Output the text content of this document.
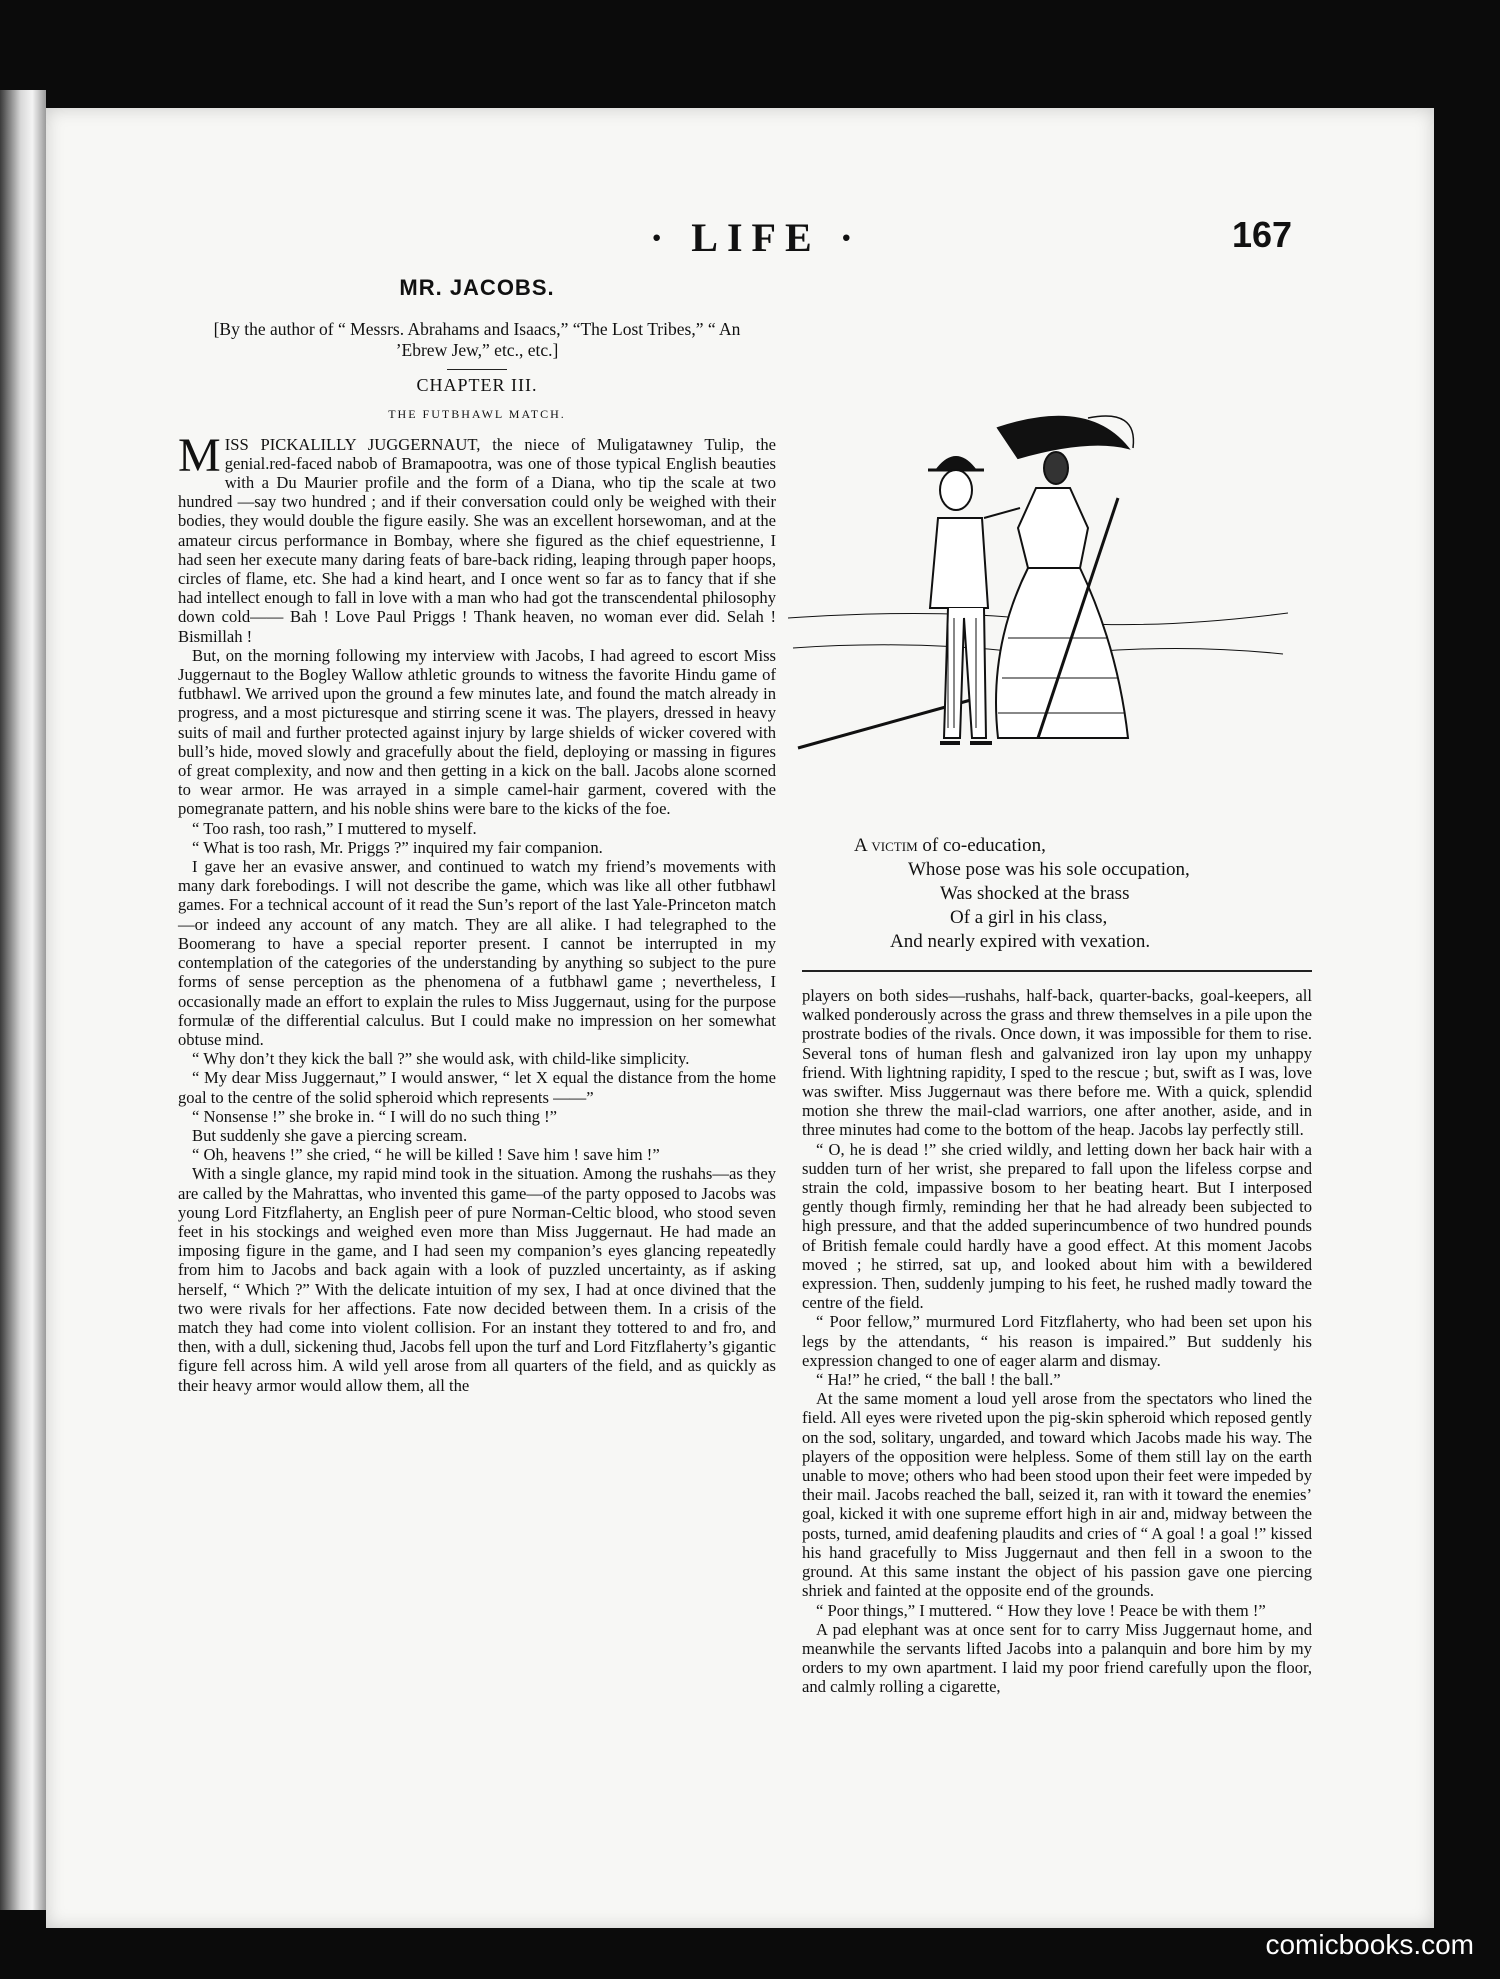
· LIFE ·	167
MR. JACOBS.
[By the author of “ Messrs. Abrahams and Isaacs,” “The Lost Tribes,” “ An ’Ebrew Jew,” etc., etc.]
CHAPTER III.
THE FUTBHAWL MATCH.

MISS PICKALILLY JUGGERNAUT, the niece of Muligatawney Tulip, the genial.red-faced nabob of Bramapootra, was one of those typical English beauties with a Du Maurier profile and the form of a Diana, who tip the scale at two hundred —say two hundred ; and if their conversation could only be weighed with their bodies, they would double the figure easily. She was an excellent horsewoman, and at the amateur circus performance in Bombay, where she figured as the chief equestrienne, I had seen her execute many daring feats of bare-back riding, leaping through paper hoops, circles of flame, etc. She had a kind heart, and I once went so far as to fancy that if she had intellect enough to fall in love with a man who had got the transcendental philosophy down cold—— Bah ! Love Paul Priggs ! Thank heaven, no woman ever did. Selah ! Bismillah !

But, on the morning following my interview with Jacobs, I had agreed to escort Miss Juggernaut to the Bogley Wallow athletic grounds to witness the favorite Hindu game of futbhawl. We arrived upon the ground a few minutes late, and found the match already in progress, and a most picturesque and stirring scene it was. The players, dressed in heavy suits of mail and further protected against injury by large shields of wicker covered with bull’s hide, moved slowly and gracefully about the field, deploying or massing in figures of great complexity, and now and then getting in a kick on the ball. Jacobs alone scorned to wear armor. He was arrayed in a simple camel-hair garment, covered with the pomegranate pattern, and his noble shins were bare to the kicks of the foe.

“ Too rash, too rash,” I muttered to myself.

“ What is too rash, Mr. Priggs ?” inquired my fair companion.

I gave her an evasive answer, and continued to watch my friend’s movements with many dark forebodings. I will not describe the game, which was like all other futbhawl games. For a technical account of it read the Sun’s report of the last Yale-Princeton match—or indeed any account of any match. They are all alike. I had telegraphed to the Boomerang to have a special reporter present. I cannot be interrupted in my contemplation of the categories of the understanding by anything so subject to the pure forms of sense perception as the phenomena of a futbhawl game ; nevertheless, I occasionally made an effort to explain the rules to Miss Juggernaut, using for the purpose formulæ of the differential calculus. But I could make no impression on her somewhat obtuse mind.

“ Why don’t they kick the ball ?” she would ask, with child-like simplicity.

“ My dear Miss Juggernaut,” I would answer, “ let X equal the distance from the home goal to the centre of the solid spheroid which represents ——”

“ Nonsense !” she broke in. “ I will do no such thing !”

But suddenly she gave a piercing scream.

“ Oh, heavens !” she cried, “ he will be killed ! Save him ! save him !”

With a single glance, my rapid mind took in the situation. Among the rushahs—as they are called by the Mahrattas, who invented this game—of the party opposed to Jacobs was young Lord Fitzflaherty, an English peer of pure Norman-Celtic blood, who stood seven feet in his stockings and weighed even more than Miss Juggernaut. He had made an imposing figure in the game, and I had seen my companion’s eyes glancing repeatedly from him to Jacobs and back again with a look of puzzled uncertainty, as if asking herself, “ Which ?” With the delicate intuition of my sex, I had at once divined that the two were rivals for her affections. Fate now decided between them. In a crisis of the match they had come into violent collision. For an instant they tottered to and fro, and then, with a dull, sickening thud, Jacobs fell upon the turf and Lord Fitzflaherty’s gigantic figure fell across him. A wild yell arose from all quarters of the field, and as quickly as their heavy armor would allow them, all the

A victim of co-education,
Whose pose was his sole occupation,
Was shocked at the brass
Of a girl in his class,
And nearly expired with vexation.

players on both sides—rushahs, half-back, quarter-backs, goal-keepers, all walked ponderously across the grass and threw themselves in a pile upon the prostrate bodies of the rivals. Once down, it was impossible for them to rise. Several tons of human flesh and galvanized iron lay upon my unhappy friend. With lightning rapidity, I sped to the rescue ; but, swift as I was, love was swifter. Miss Juggernaut was there before me. With a quick, splendid motion she threw the mail-clad warriors, one after another, aside, and in three minutes had come to the bottom of the heap. Jacobs lay perfectly still.

“ O, he is dead !” she cried wildly, and letting down her back hair with a sudden turn of her wrist, she prepared to fall upon the lifeless corpse and strain the cold, impassive bosom to her beating heart. But I interposed gently though firmly, reminding her that he had already been subjected to high pressure, and that the added superincumbence of two hundred pounds of British female could hardly have a good effect. At this moment Jacobs moved ; he stirred, sat up, and looked about him with a bewildered expression. Then, suddenly jumping to his feet, he rushed madly toward the centre of the field.

“ Poor fellow,” murmured Lord Fitzflaherty, who had been set upon his legs by the attendants, “ his reason is impaired.” But suddenly his expression changed to one of eager alarm and dismay.

“ Ha!” he cried, “ the ball ! the ball.”

At the same moment a loud yell arose from the spectators who lined the field. All eyes were riveted upon the pig-skin spheroid which reposed gently on the sod, solitary, ungarded, and toward which Jacobs made his way. The players of the opposition were helpless. Some of them still lay on the earth unable to move; others who had been stood upon their feet were impeded by their mail. Jacobs reached the ball, seized it, ran with it toward the enemies’ goal, kicked it with one supreme effort high in air and, midway between the posts, turned, amid deafening plaudits and cries of “ A goal ! a goal !” kissed his hand gracefully to Miss Juggernaut and then fell in a swoon to the ground. At this same instant the object of his passion gave one piercing shriek and fainted at the opposite end of the grounds.

“ Poor things,” I muttered. “ How they love ! Peace be with them !”

A pad elephant was at once sent for to carry Miss Juggernaut home, and meanwhile the servants lifted Jacobs into a palanquin and bore him by my orders to my own apartment. I laid my poor friend carefully upon the floor, and calmly rolling a cigarette,

comicbooks.com
